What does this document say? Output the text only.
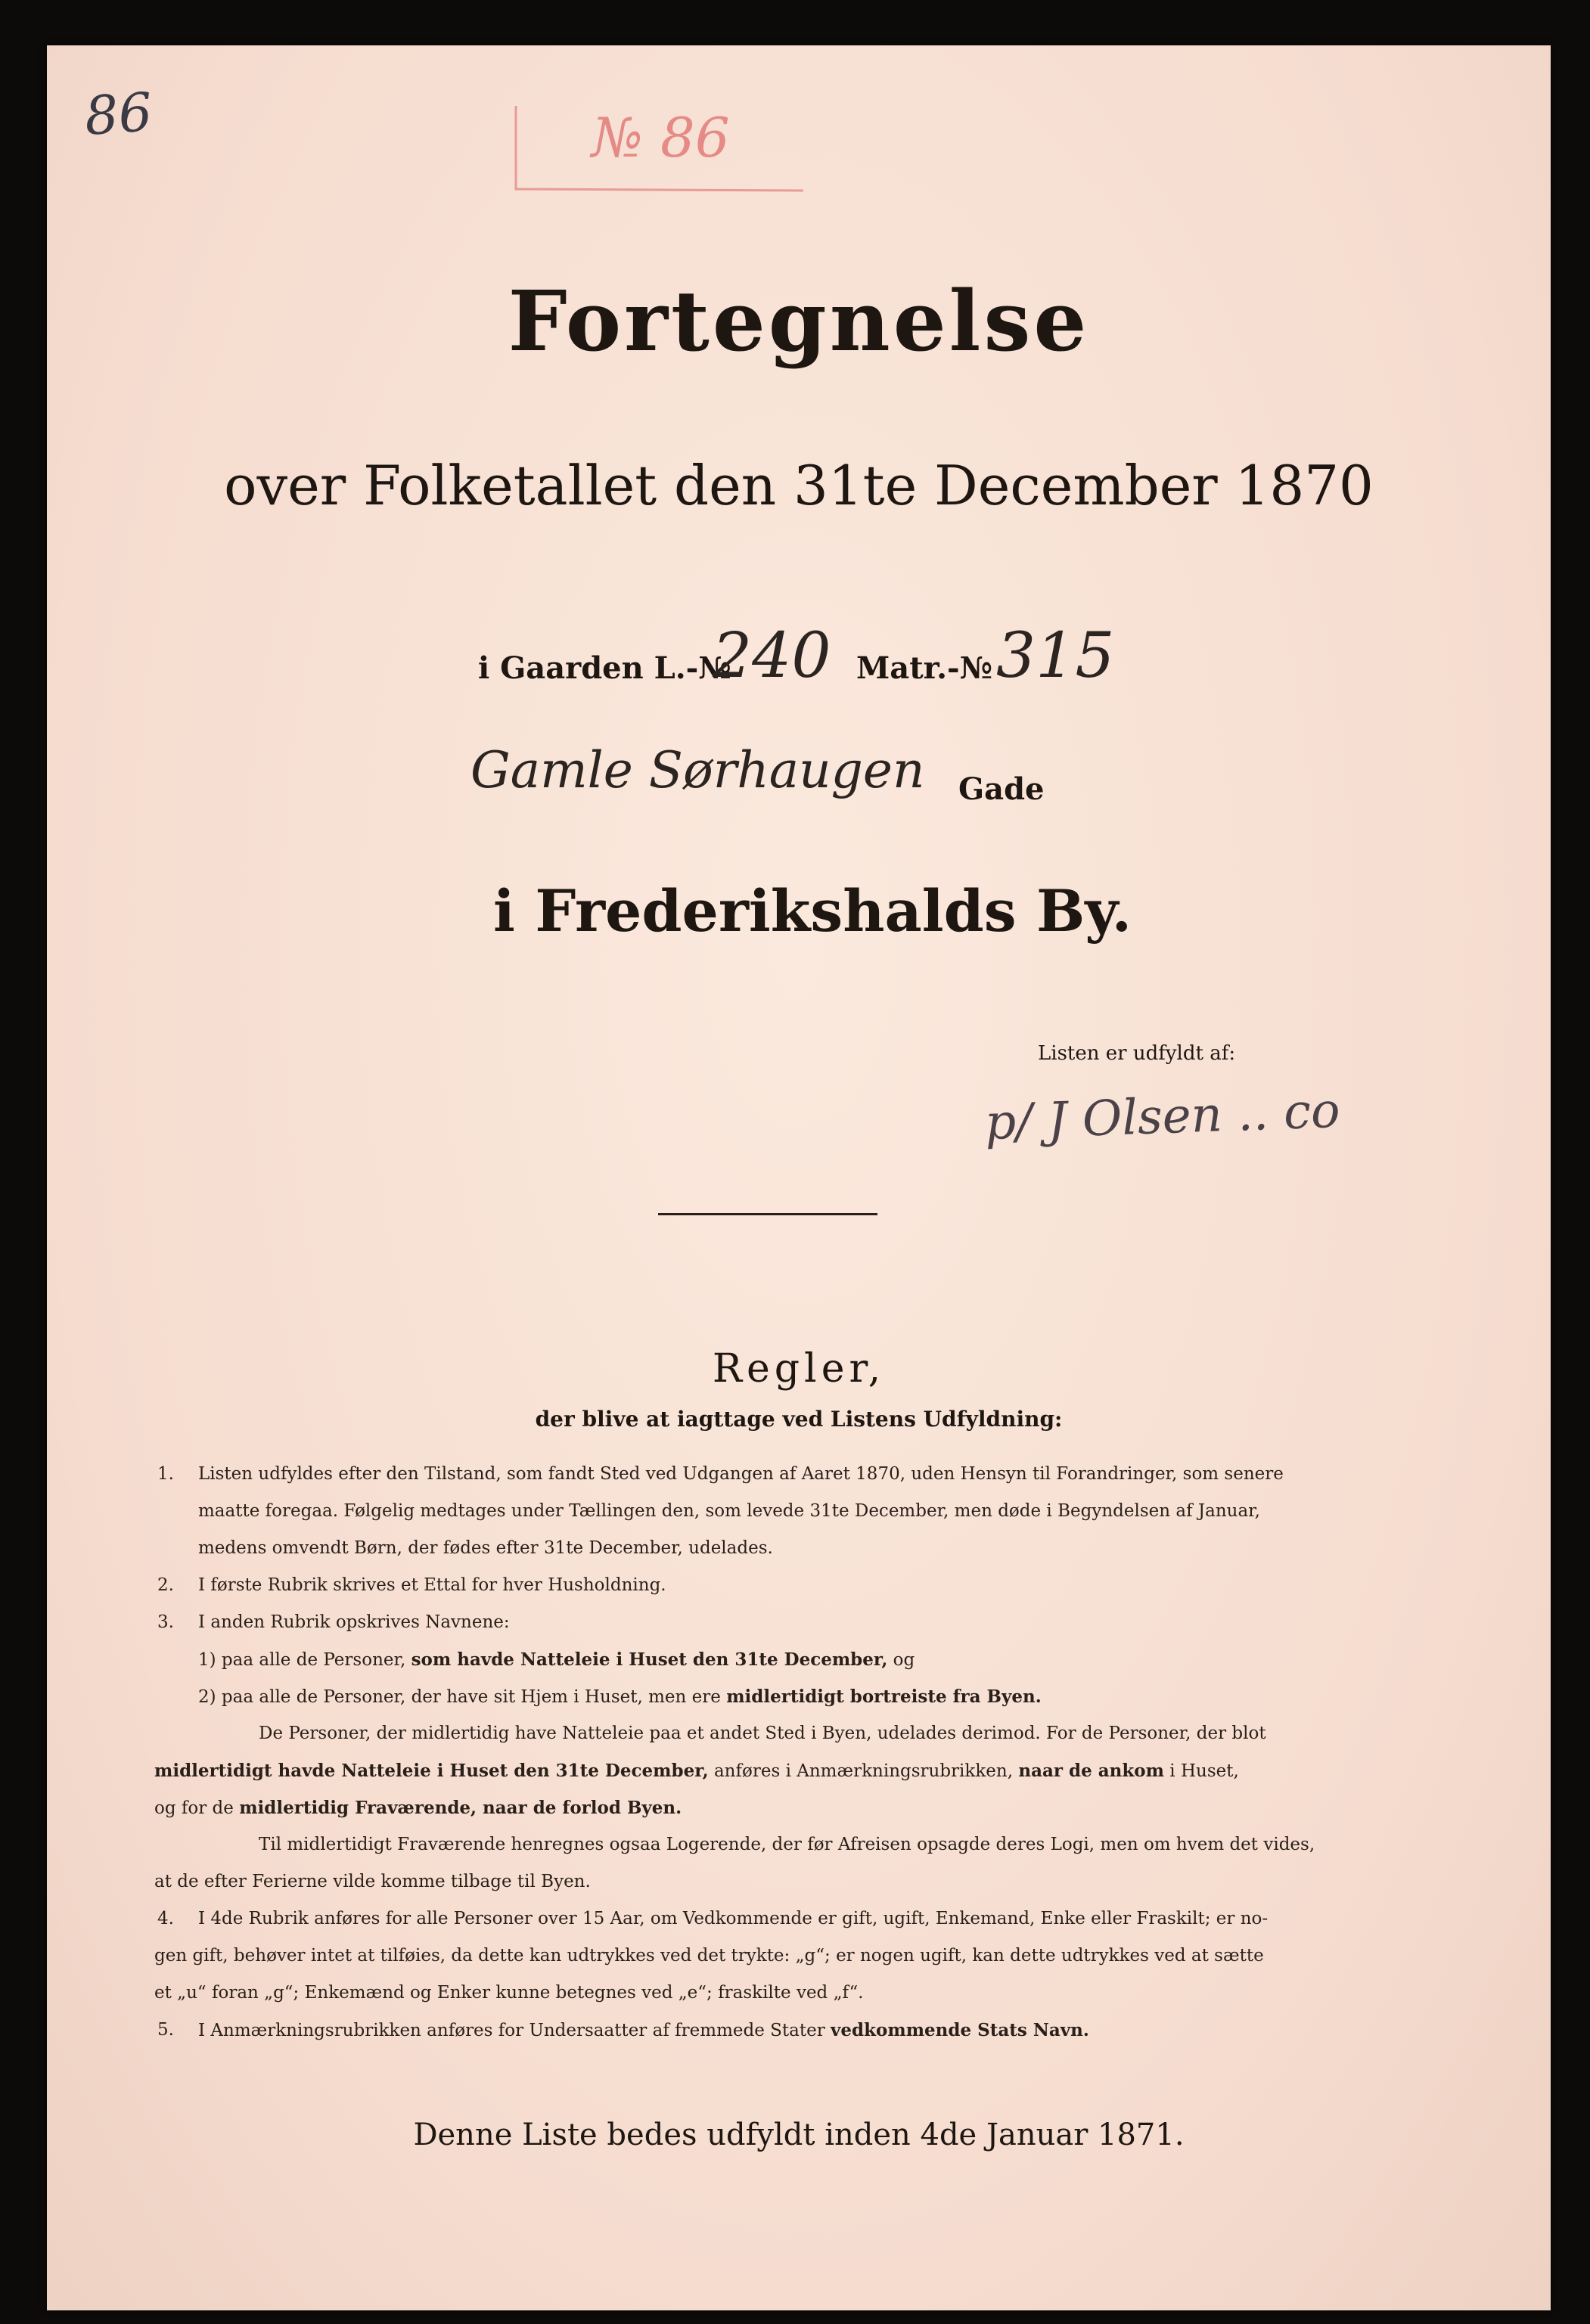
86	№ 86
Fortegnelse
over Folketallet den 31te December 1870
i Gaarden L.-№
240 Matr.-№ 315
Gamle Sørhaugen Gade
i Frederikshalds By.
Listen er udfyldt af:
p/ J Olsen .. co
Regler,
der blive at iagttage ved Listens Udfyldning:
1. Listen udfyldes efter den Tilstand, som fandt Sted ved Udgangen af Aaret 1870, uden Hensyn til Forandringer, som senere
maatte foregaa. Følgelig medtages under Tællingen den, som levede 31te December, men døde i Begyndelsen af Januar,
medens omvendt Børn, der fødes efter 31te December, udelades.
2. I første Rubrik skrives et Ettal for hver Husholdning.
3. I anden Rubrik opskrives Navnene:
1) paa alle de Personer, som havde Natteleie i Huset den 31te December, og
2) paa alle de Personer, der have sit Hjem i Huset, men ere midlertidigt bortreiste fra Byen.
De Personer, der midlertidig have Natteleie paa et andet Sted i Byen, udelades derimod. For de Personer, der blot
midlertidigt havde Natteleie i Huset den 31te December, anføres i Anmærkningsrubrikken, naar de ankom i Huset,
og for de midlertidig Fraværende, naar de forlod Byen.
Til midlertidigt Fraværende henregnes ogsaa Logerende, der før Afreisen opsagde deres Logi, men om hvem det vides,
at de efter Ferierne vilde komme tilbage til Byen.
4. I 4de Rubrik anføres for alle Personer over 15 Aar, om Vedkommende er gift, ugift, Enkemand, Enke eller Fraskilt; er no-
gen gift, behøver intet at tilføies, da dette kan udtrykkes ved det trykte: „g“; er nogen ugift, kan dette udtrykkes ved at sætte
et „u“ foran „g“; Enkemænd og Enker kunne betegnes ved „e“; fraskilte ved „f“.
5. I Anmærkningsrubrikken anføres for Undersaatter af fremmede Stater vedkommende Stats Navn.
Denne Liste bedes udfyldt inden 4de Januar 1871.
